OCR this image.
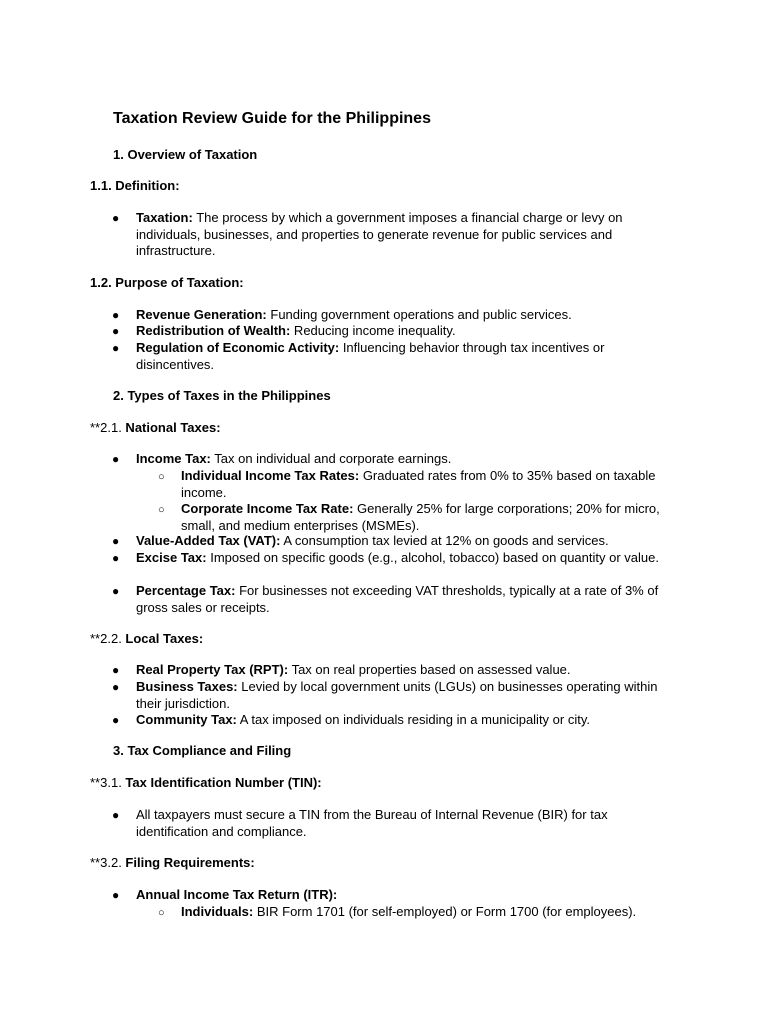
Taxation Review Guide for the Philippines
1. Overview of Taxation
1.1. Definition:
● Taxation: The process by which a government imposes a financial charge or levy on individuals, businesses, and properties to generate revenue for public services and infrastructure.
1.2. Purpose of Taxation:
● Revenue Generation: Funding government operations and public services.
● Redistribution of Wealth: Reducing income inequality.
● Regulation of Economic Activity: Influencing behavior through tax incentives or disincentives.
2. Types of Taxes in the Philippines
**2.1. National Taxes:
● Income Tax: Tax on individual and corporate earnings.
○ Individual Income Tax Rates: Graduated rates from 0% to 35% based on taxable income.
○ Corporate Income Tax Rate: Generally 25% for large corporations; 20% for micro, small, and medium enterprises (MSMEs).
● Value-Added Tax (VAT): A consumption tax levied at 12% on goods and services.
● Excise Tax: Imposed on specific goods (e.g., alcohol, tobacco) based on quantity or value.
● Percentage Tax: For businesses not exceeding VAT thresholds, typically at a rate of 3% of gross sales or receipts.
**2.2. Local Taxes:
● Real Property Tax (RPT): Tax on real properties based on assessed value.
● Business Taxes: Levied by local government units (LGUs) on businesses operating within their jurisdiction.
● Community Tax: A tax imposed on individuals residing in a municipality or city.
3. Tax Compliance and Filing
**3.1. Tax Identification Number (TIN):
● All taxpayers must secure a TIN from the Bureau of Internal Revenue (BIR) for tax identification and compliance.
**3.2. Filing Requirements:
● Annual Income Tax Return (ITR):
○ Individuals: BIR Form 1701 (for self-employed) or Form 1700 (for employees).
